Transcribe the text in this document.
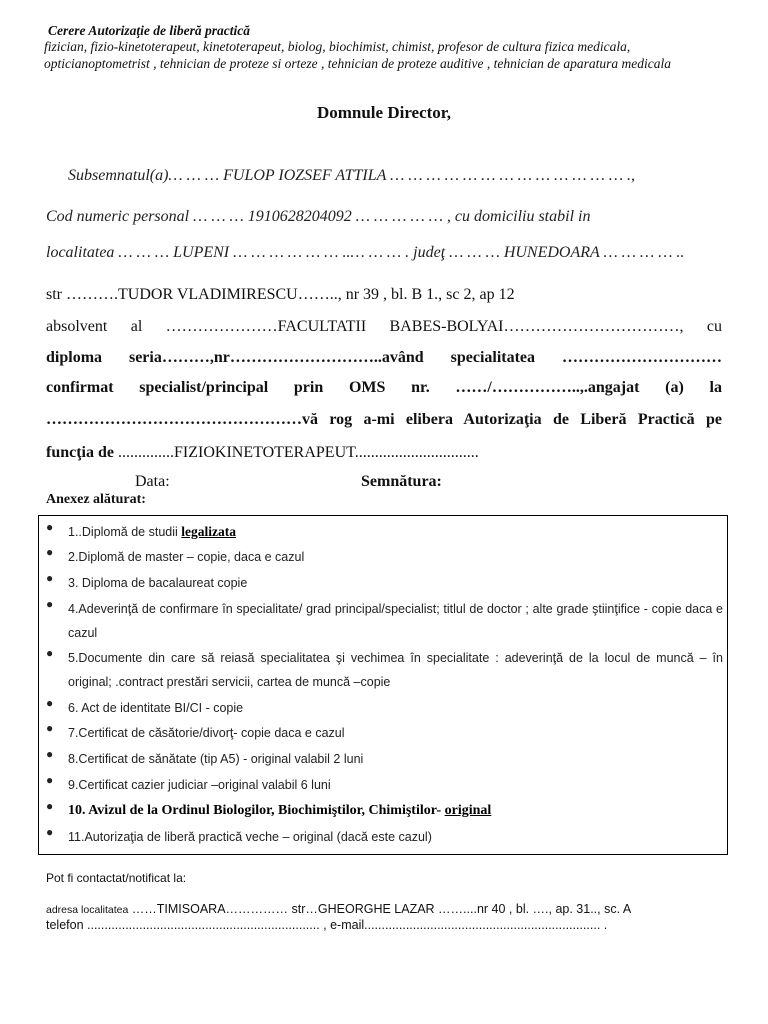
Cerere Autorizaţie de liberă practică
fizician, fizio-kinetoterapeut, kinetoterapeut, biolog, biochimist, chimist, profesor de cultura fizica medicala,
opticianoptometrist , tehnician de proteze si orteze , tehnician de proteze auditive , tehnician de aparatura medicala
Domnule Director,
Subsemnatul(a)… … … FULOP IOZSEF ATTILA … … … … … … … … … … … … … .,
Cod numeric personal … … … 1910628204092 … … … … … , cu domiciliu stabil in
localitatea … … … LUPENI … … … … … … ..… … … . judeţ … … … HUNEDOARA … … … … ..
str ……….TUDOR VLADIMIRESCU…….., nr 39 , bl. B 1., sc 2, ap 12
absolvent al …………………FACULTATII BABES-BOLYAI……………………………, cu
diploma seria………,nr………………………..având specialitatea …………………………
confirmat specialist/principal prin OMS nr. ……/……………..,.angajat (a) la
…………………………………………vă rog a-mi elibera Autorizaţia de Liberă Practică pe
funcţia de ..............FIZIOKINETOTERAPEUT...............................
Data:	Semnătura:
Anexez alăturat:
● 1..Diplomă de studii legalizata
● 2.Diplomă de master – copie, daca e cazul
● 3. Diploma de bacalaureat copie
● 4.Adeverinţă de confirmare în specialitate/ grad principal/specialist; titlul de doctor ; alte grade ştiinţifice - copie daca e cazul
● 5.Documente din care să reiasă specialitatea şi vechimea în specialitate : adeverinţă de la locul de muncă – în original; .contract prestări servicii, cartea de muncă –copie
● 6. Act de identitate BI/CI - copie
● 7.Certificat de căsătorie/divorţ- copie daca e cazul
● 8.Certificat de sănătate (tip A5) - original valabil 2 luni
● 9.Certificat cazier judiciar –original valabil 6 luni
● 10. Avizul de la Ordinul Biologilor, Biochimiştilor, Chimiştilor- original
● 11.Autorizaţia de liberă practică veche – original (dacă este cazul)
Pot fi contactat/notificat la:
adresa localitatea ……TIMISOARA…………… str…GHEORGHE LAZAR ……....nr 40 , bl. …., ap. 31.., sc. A
telefon ................................................................... , e-mail.................................................................... .
